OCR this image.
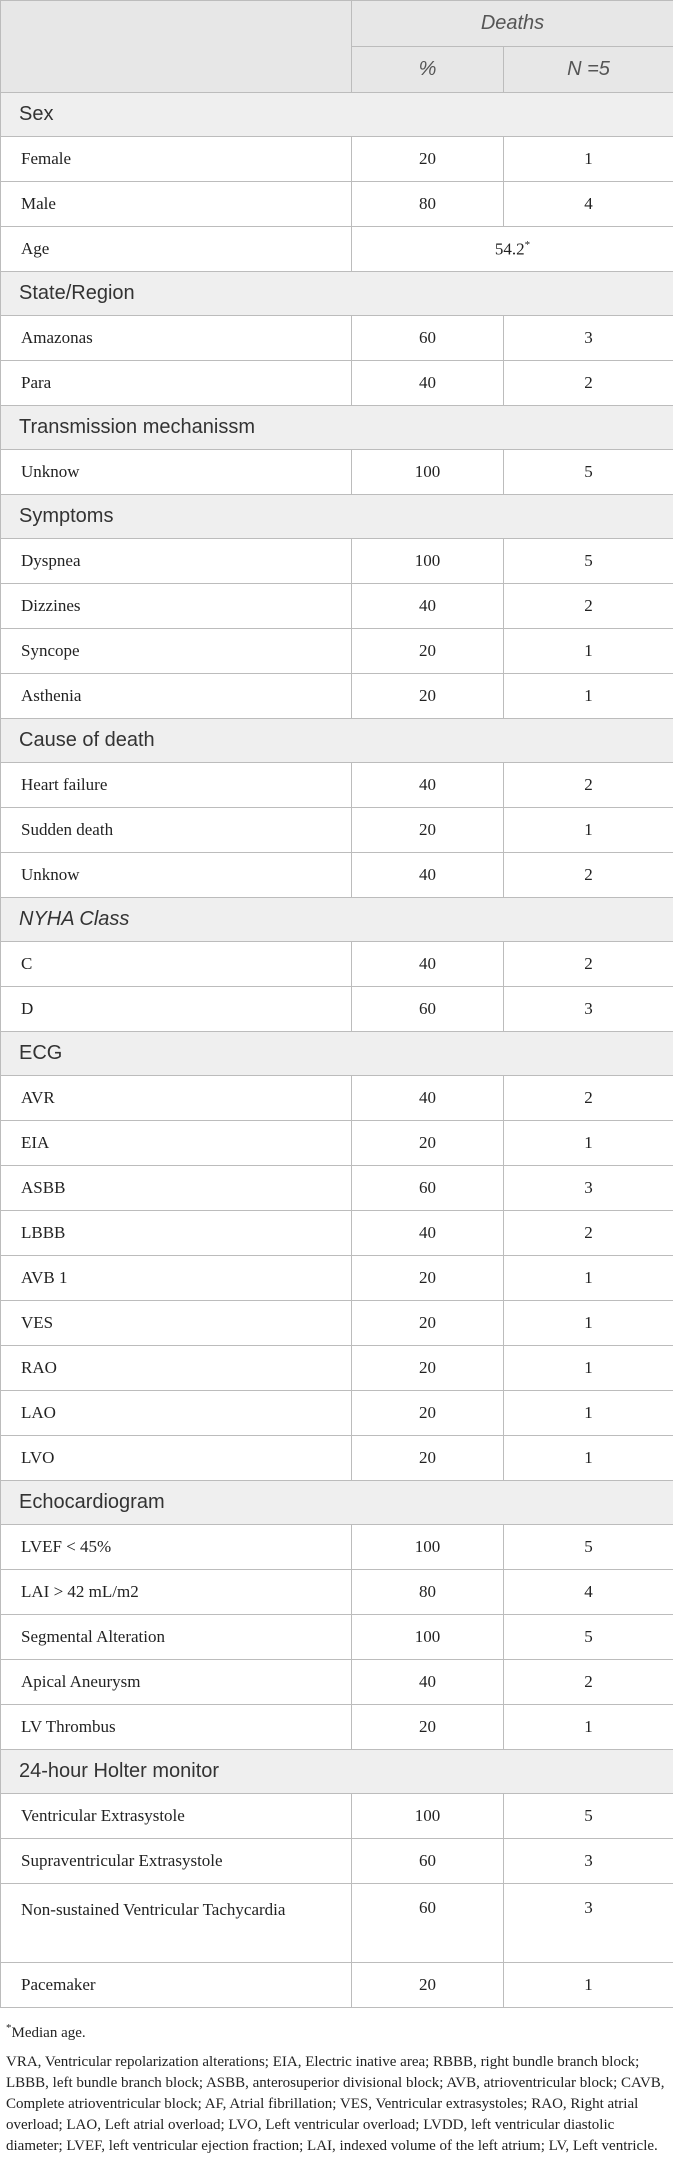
	Deaths	
	%	N =5
Sex		
Female	20	1
Male	80	4
Age	54.2*
State/Region		
Amazonas	60	3
Para	40	2
Transmission mechanissm		
Unknow	100	5
Symptoms		
Dyspnea	100	5
Dizzines	40	2
Syncope	20	1
Asthenia	20	1
Cause of death		
Heart failure	40	2
Sudden death	20	1
Unknow	40	2
NYHA Class		
C	40	2
D	60	3
ECG		
AVR	40	2
EIA	20	1
ASBB	60	3
LBBB	40	2
AVB 1	20	1
VES	20	1
RAO	20	1
LAO	20	1
LVO	20	1
Echocardiogram		
LVEF < 45%	100	5
LAI > 42 mL/m2	80	4
Segmental Alteration	100	5
Apical Aneurysm	40	2
LV Thrombus	20	1
24-hour Holter monitor		
Ventricular Extrasystole	100	5
Supraventricular Extrasystole	60	3
Non-sustained Ventricular Tachycardia	60	3
Pacemaker	20	1

*Median age.

VRA, Ventricular repolarization alterations; EIA, Electric inative area; RBBB, right bundle branch block; LBBB, left bundle branch block; ASBB, anterosuperior divisional block; AVB, atrioventricular block; CAVB, Complete atrioventricular block; AF, Atrial fibrillation; VES, Ventricular extrasystoles; RAO, Right atrial overload; LAO, Left atrial overload; LVO, Left ventricular overload; LVDD, left ventricular diastolic diameter; LVEF, left ventricular ejection fraction; LAI, indexed volume of the left atrium; LV, Left ventricle.
